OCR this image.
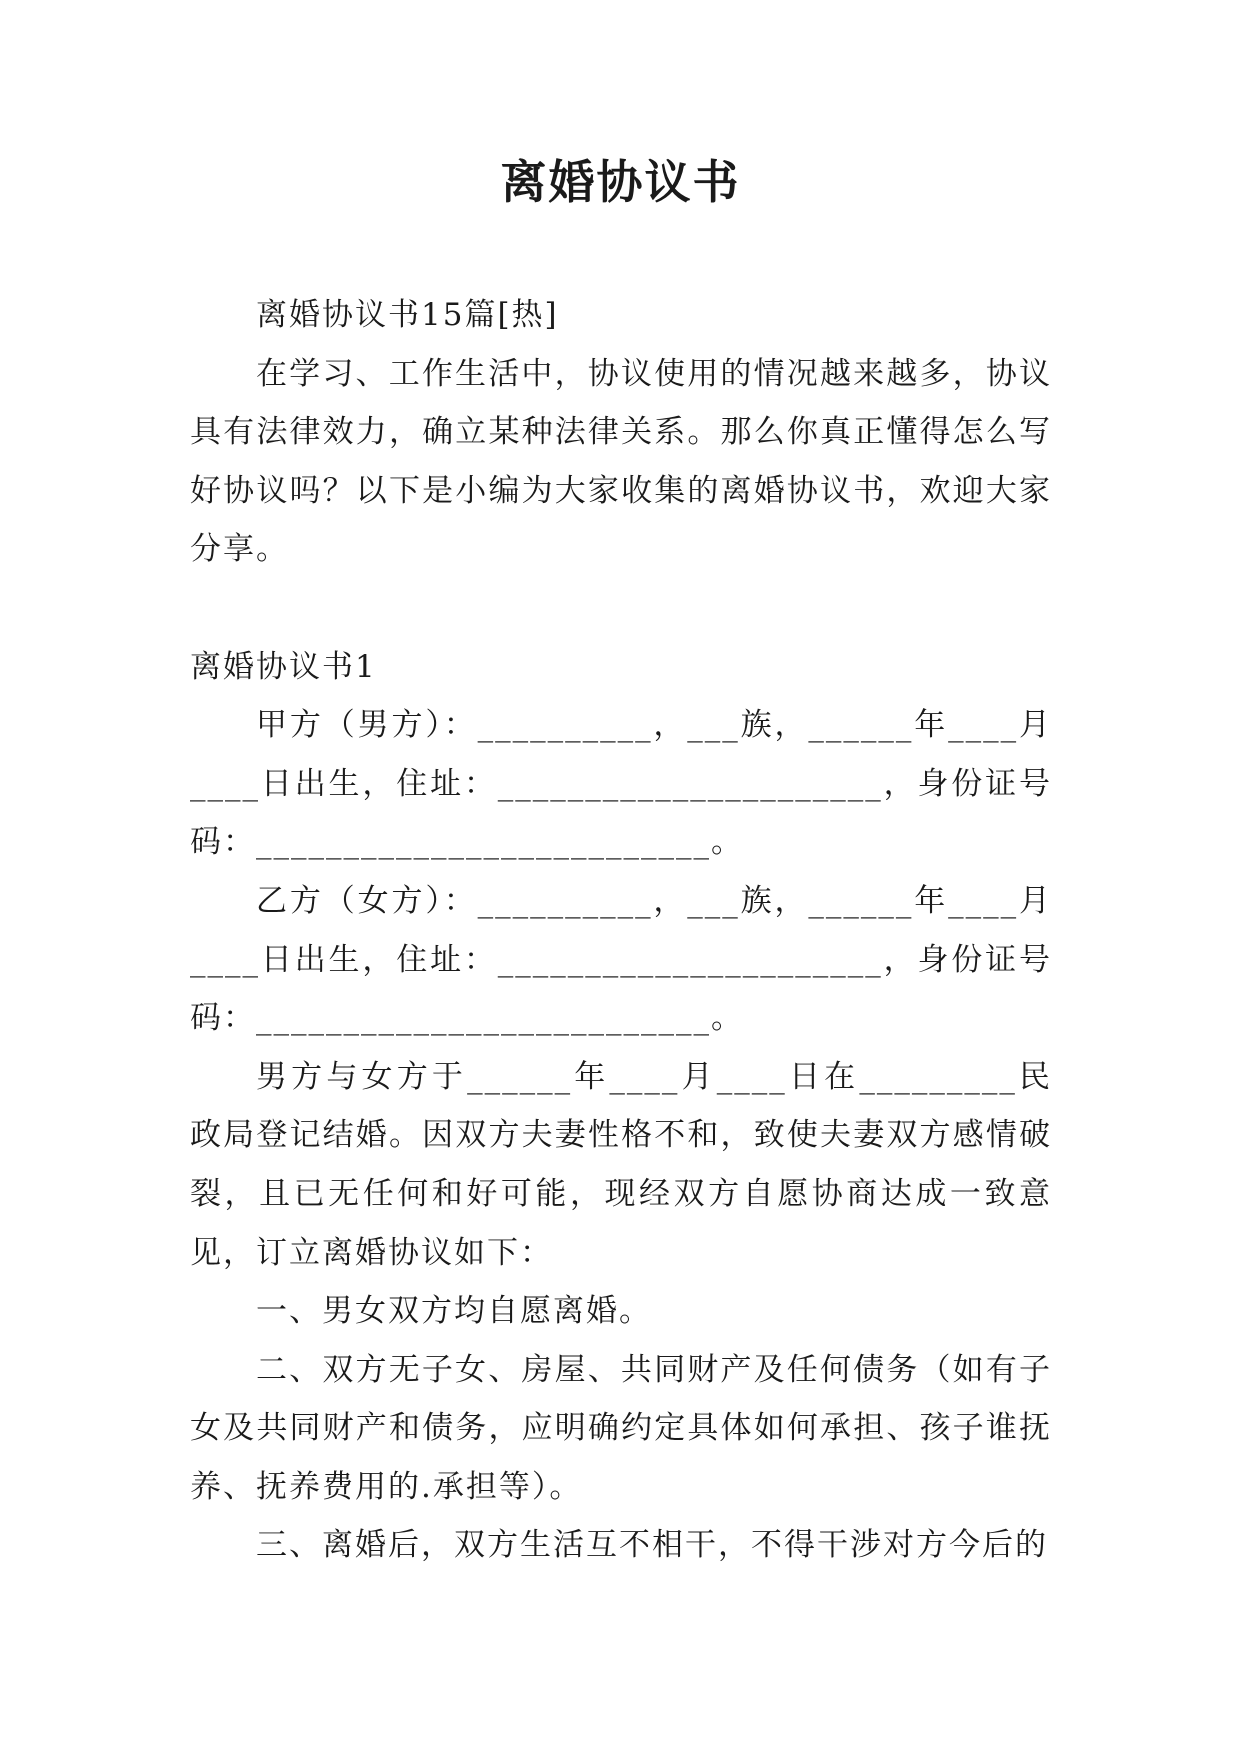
离婚协议书

离婚协议书15篇[热]

在学习、工作生活中，协议使用的情况越来越多，协议具有法律效力，确立某种法律关系。那么你真正懂得怎么写好协议吗？以下是小编为大家收集的离婚协议书，欢迎大家分享。

离婚协议书1

甲方（男方）：__________，___族，______年____月____日出生，住址：______________________，身份证号码：__________________________。

乙方（女方）：__________，___族，______年____月____日出生，住址：______________________，身份证号码：__________________________。

男方与女方于______年____月____日在_________民政局登记结婚。因双方夫妻性格不和，致使夫妻双方感情破裂，且已无任何和好可能，现经双方自愿协商达成一致意见，订立离婚协议如下：

一、男女双方均自愿离婚。

二、双方无子女、房屋、共同财产及任何债务（如有子女及共同财产和债务，应明确约定具体如何承担、孩子谁抚养、抚养费用的.承担等）。

三、离婚后，双方生活互不相干，不得干涉对方今后的
